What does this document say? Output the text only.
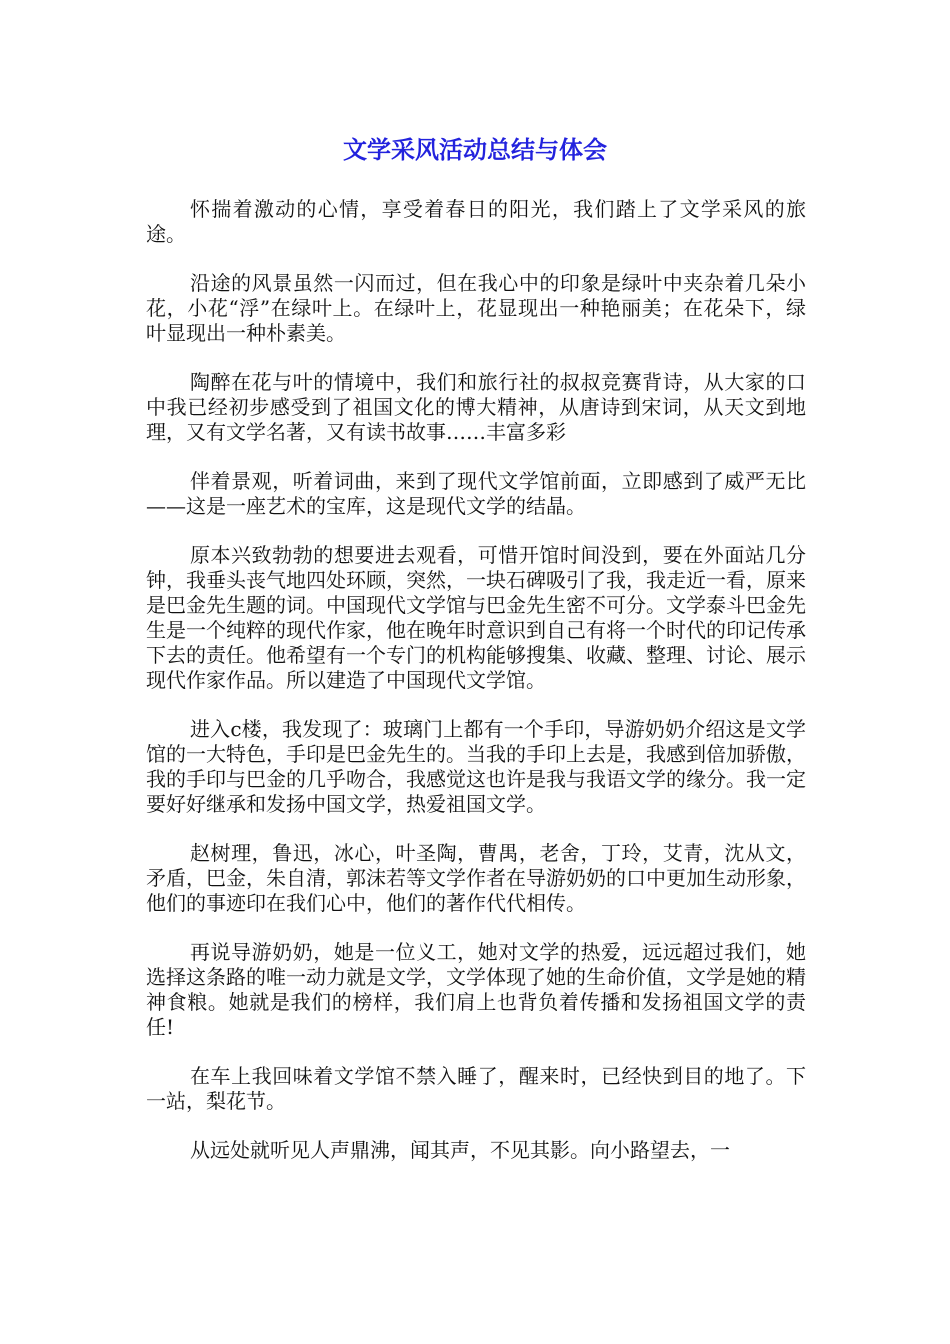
文学采风活动总结与体会

怀揣着激动的心情，享受着春日的阳光，我们踏上了文学采风的旅途。

沿途的风景虽然一闪而过，但在我心中的印象是绿叶中夹杂着几朵小花，小花“浮”在绿叶上。在绿叶上，花显现出一种艳丽美；在花朵下，绿叶显现出一种朴素美。

陶醉在花与叶的情境中，我们和旅行社的叔叔竞赛背诗，从大家的口中我已经初步感受到了祖国文化的博大精神，从唐诗到宋词，从天文到地理，又有文学名著，又有读书故事……丰富多彩

伴着景观，听着词曲，来到了现代文学馆前面，立即感到了威严无比——这是一座艺术的宝库，这是现代文学的结晶。

原本兴致勃勃的想要进去观看，可惜开馆时间没到，要在外面站几分钟，我垂头丧气地四处环顾，突然，一块石碑吸引了我，我走近一看，原来是巴金先生题的词。中国现代文学馆与巴金先生密不可分。文学泰斗巴金先生是一个纯粹的现代作家，他在晚年时意识到自己有将一个时代的印记传承下去的责任。他希望有一个专门的机构能够搜集、收藏、整理、讨论、展示现代作家作品。所以建造了中国现代文学馆。

进入c楼，我发现了：玻璃门上都有一个手印，导游奶奶介绍这是文学馆的一大特色，手印是巴金先生的。当我的手印上去是，我感到倍加骄傲，我的手印与巴金的几乎吻合，我感觉这也许是我与我语文学的缘分。我一定要好好继承和发扬中国文学，热爱祖国文学。

赵树理，鲁迅，冰心，叶圣陶，曹禺，老舍，丁玲，艾青，沈从文，矛盾，巴金，朱自清，郭沫若等文学作者在导游奶奶的口中更加生动形象，他们的事迹印在我们心中，他们的著作代代相传。

再说导游奶奶，她是一位义工，她对文学的热爱，远远超过我们，她选择这条路的唯一动力就是文学，文学体现了她的生命价值，文学是她的精神食粮。她就是我们的榜样，我们肩上也背负着传播和发扬祖国文学的责任!

在车上我回味着文学馆不禁入睡了，醒来时，已经快到目的地了。下一站，梨花节。

从远处就听见人声鼎沸，闻其声，不见其影。向小路望去，一
